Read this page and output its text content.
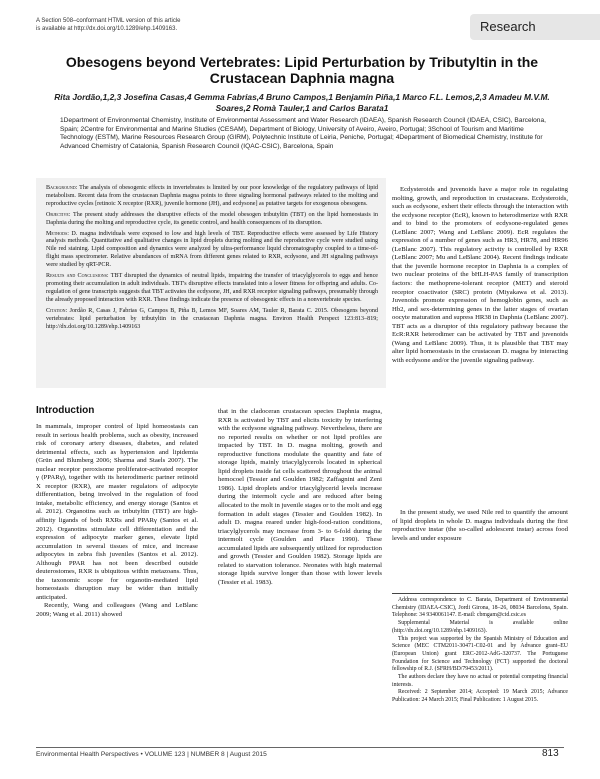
A Section 508–conformant HTML version of this article
is available at http://dx.doi.org/10.1289/ehp.1409163.	Research
Obesogens beyond Vertebrates: Lipid Perturbation by Tributyltin in the Crustacean Daphnia magna
Rita Jordão,1,2,3 Josefina Casas,4 Gemma Fabrias,4 Bruno Campos,1 Benjamín Piña,1 Marco F.L. Lemos,2,3 Amadeu M.V.M. Soares,2 Romà Tauler,1 and Carlos Barata1
1Department of Environmental Chemistry, Institute of Environmental Assessment and Water Research (IDAEA), Spanish Research Council (IDAEA, CSIC), Barcelona, Spain; 2Centre for Environmental and Marine Studies (CESAM), Department of Biology, University of Aveiro, Aveiro, Portugal; 3School of Tourism and Maritime Technology (ESTM), Marine Resources Research Group (GIRM), Polytechnic Institute of Leiria, Peniche, Portugal; 4Department of Biomedical Chemistry, Institute for Advanced Chemistry of Catalonia, Spanish Research Council (IQAC-CSIC), Barcelona, Spain

Background: The analysis of obesogenic effects in invertebrates is limited by our poor knowledge of the regulatory pathways of lipid metabolism. Recent data from the crustacean Daphnia magna points to three signaling hormonal pathways related to the molting and reproductive cycles [retinoic X receptor (RXR), juvenile hormone (JH), and ecdysone] as putative targets for exogenous obesogens.

Objective: The present study addresses the disruptive effects of the model obesogen tributyltin (TBT) on the lipid homeostasis in Daphnia during the molting and reproductive cycle, its genetic control, and health consequences of its disruption.

Methods: D. magna individuals were exposed to low and high levels of TBT. Reproductive effects were assessed by Life History analysis methods. Quantitative and qualitative changes in lipid droplets during molting and the reproductive cycle were studied using Nile red staining. Lipid composition and dynamics were analyzed by ultra-performance liquid chromatography coupled to a time-of-flight mass spectrometer. Relative abundances of mRNA from different genes related to RXR, ecdysone, and JH signaling pathways were studied by qRT-PCR.

Results and Conclusions: TBT disrupted the dynamics of neutral lipids, impairing the transfer of triacylglycerols to eggs and hence promoting their accumulation in adult individuals. TBT's disruptive effects translated into a lower fitness for offspring and adults. Co-regulation of gene transcripts suggests that TBT activates the ecdysone, JH, and RXR receptor signaling pathways, presumably through the already proposed interaction with RXR. These findings indicate the presence of obesogenic effects in a nonvertebrate species.

Citation: Jordão R, Casas J, Fabrias G, Campos B, Piña B, Lemos MF, Soares AM, Tauler R, Barata C. 2015. Obesogens beyond vertebrates: lipid perturbation by tributyltin in the crustacean Daphnia magna. Environ Health Perspect 123:813–819; http://dx.doi.org/10.1289/ehp.1409163

Ecdysteroids and juvenoids have a major role in regulating molting, growth, and reproduction in crustaceans. Ecdysteroids, such as ecdysone, exhert their effects through the interaction with the ecdysone receptor (EcR), known to heterodimerize with RXR and to bind to the promoters of ecdysone-regulated genes (LeBlanc 2007; Wang and LeBlanc 2009). EcR regulates the expression of a number of genes such as HR3, HR78, and HR96 (LeBlanc 2007). This regulatory activity is controlled by RXR (LeBlanc 2007; Mu and LeBlanc 2004). Recent findings indicate that the juvenile hormone receptor in Daphnia is a complex of two nuclear proteins of the bHLH-PAS family of transcription factors: the methoprene-tolerant receptor (MET) and steroid receptor coactivator (SRC) protein (Miyakawa et al. 2013). Juvenoids promote expression of hemoglobin genes, such as Hb2, and sex-determining genes in the latter stages of ovarian oocyte maturation and supress HR38 in Daphnia (LeBlanc 2007). TBT acts as a disruptor of this regulatory pathway because the EcR:RXR heterodimer can be activated by TBT and juvenoids (Wang and LeBlanc 2009). Thus, it is plausible that TBT may alter lipid homeostasis in the crustacean D. magna by interacting with ecdysone and/or the juvenile signaling pathway.

Introduction

In mammals, improper control of lipid homeostasis can result in serious health problems, such as obesity, increased risk of coronary artery diseases, diabetes, and related detrimental effects, such as hypertension and lipidemia (Grün and Blumberg 2006; Sharma and Staels 2007). The nuclear receptor peroxisome proliferator-activated receptor γ (PPARγ), together with its heterodimeric partner retinoid X receptor (RXR), are master regulators of adipocyte differentiation, being involved in the regulation of food intake, metabolic efficiency, and energy storage (Santos et al. 2012). Organotins such as tributyltin (TBT) are high-affinity ligands of both RXRs and PPARγ (Santos et al. 2012). Organotins stimulate cell differentiation and the expression of adipocyte marker genes, elevate lipid accumulation in several tissues of mice, and increase adipocytes in zebra fish juveniles (Santos et al. 2012). Although PPAR has not been described outside deuterostomes, RXR is ubiquitous within metazoans. Thus, the taxonomic scope for organotin-mediated lipid homeostasis disruption may be wider than initially anticipated.

Recently, Wang and colleagues (Wang and LeBlanc 2009; Wang et al. 2011) showed

that in the cladoceran crustacean species Daphnia magna, RXR is activated by TBT and elicits toxicity by interfering with the ecdysone signaling pathway. Nevertheless, there are no reported results on whether or not lipid profiles are impacted by TBT. In D. magna molting, growth and reproductive functions modulate the quantity and fate of storage lipids, mainly triacylglycerols located in spherical lipid droplets inside fat cells scattered throughout the animal hemocoel (Tessier and Goulden 1982; Zaffagnini and Zeni 1986). Lipid droplets and/or triacylglycerid levels increase during the intermolt cycle and are reduced after being allocated to the molt in juvenile stages or to the molt and egg formation in adult stages (Tessier and Goulden 1982). In adult D. magna reared under high-food-ration conditions, triacylglycerols may increase from 3- to 6-fold during the intermolt cycle (Goulden and Place 1990). These accumulated lipids are subsequently utilized for reproduction and growth (Tessier and Goulden 1982). Storage lipids are related to starvation tolerance. Neonates with high maternal storage lipids survive longer than those with lower levels (Tessier et al. 1983).

In the present study, we used Nile red to quantify the amount of lipid droplets in whole D. magna individuals during the first reproductive instar (the so-called adolescent instar) across food levels and under exposure

Address correspondence to C. Barata, Department of Environmental Chemistry (IDAEA-CSIC), Jordi Girona, 18–26, 08034 Barcelona, Spain. Telephone: 34 9340061147. E-mail: cbmgam@cid.csic.es

Supplemental Material is available online (http://dx.doi.org/10.1289/ehp.1409163).

This project was supported by the Spanish Ministry of Education and Science (MEC CTM2011-30471-C02-01 and by Advance grant–EU (European Union) grant ERC-2012-AdG-320737. The Portuguese Foundation for Science and Technology (FCT) supported the doctoral fellowship of R.J. (SFRH/BD/79453/2011).

The authors declare they have no actual or potential competing financial interests.

Received: 2 September 2014; Accepted: 19 March 2015; Advance Publication: 24 March 2015; Final Publication: 1 August 2015.

Environmental Health Perspectives • VOLUME 123 | NUMBER 8 | August 2015	813
